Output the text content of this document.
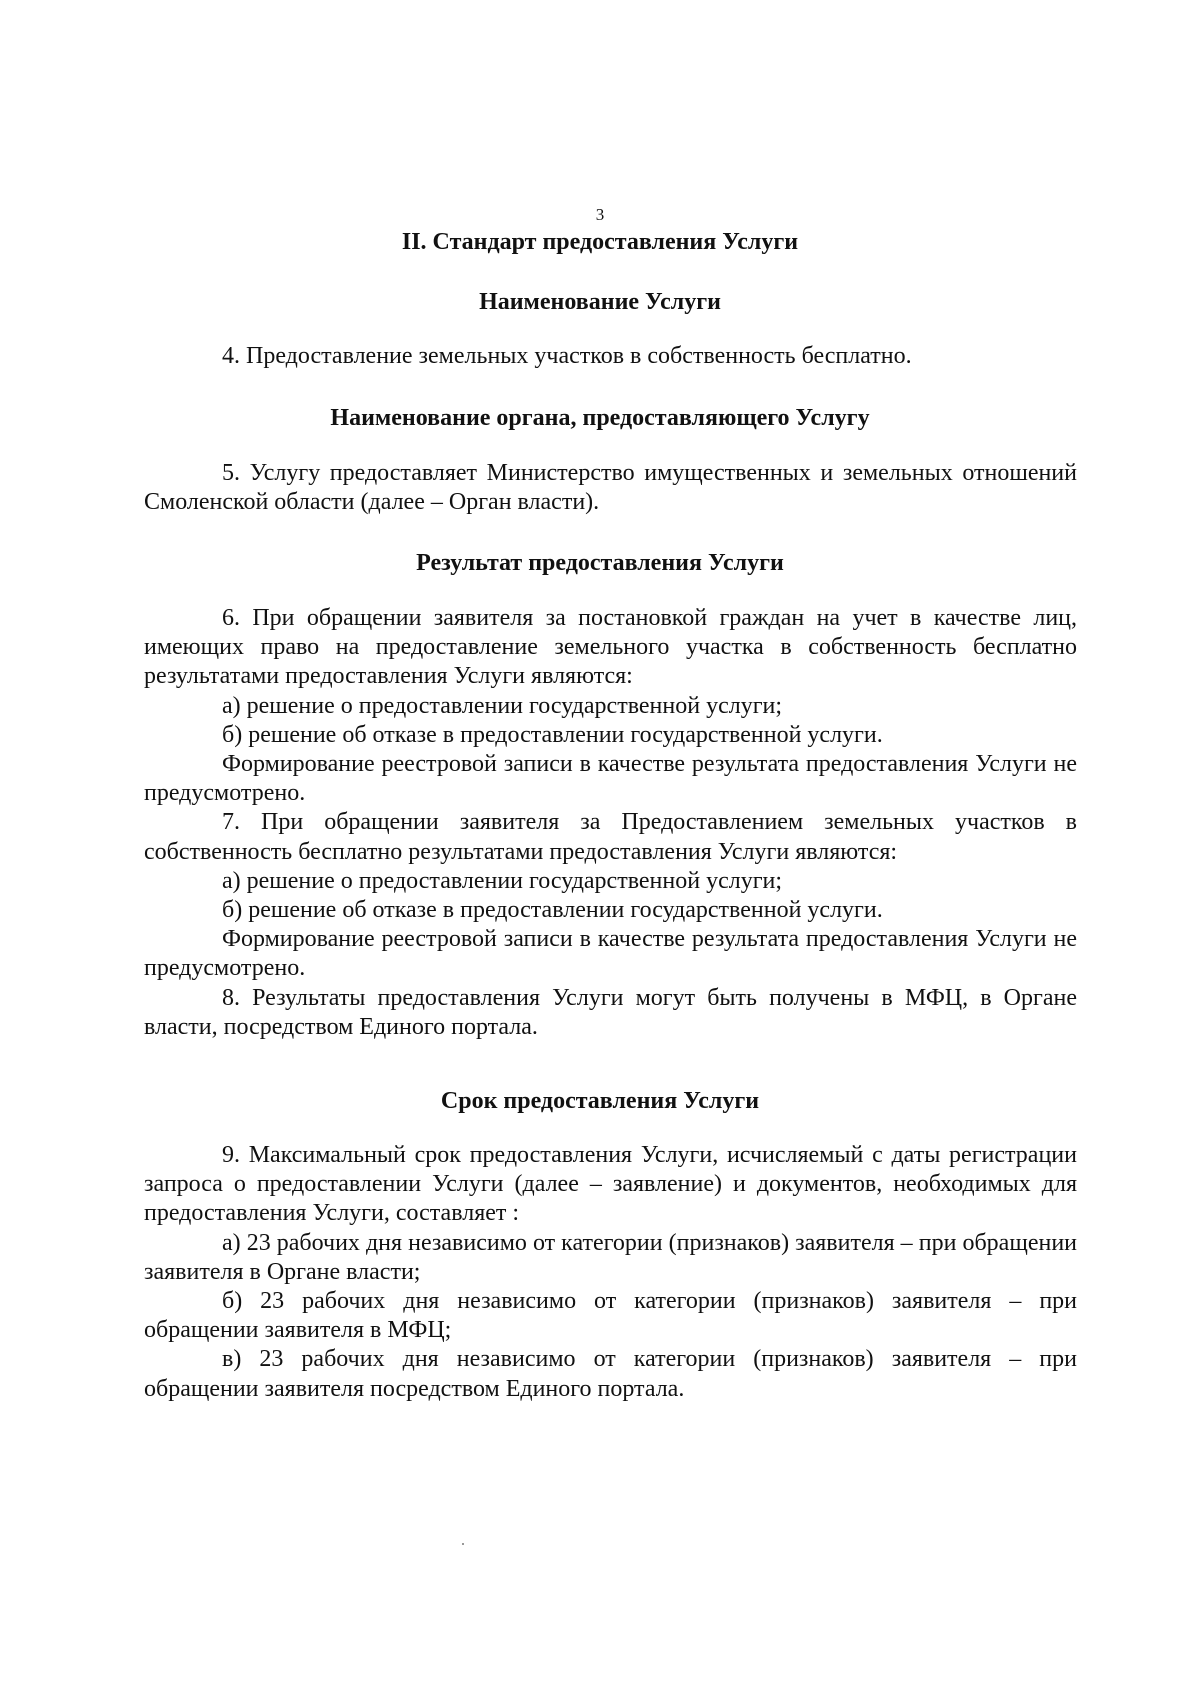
3
II. Стандарт предоставления Услуги
Наименование Услуги

4. Предоставление земельных участков в собственность бесплатно.

Наименование органа, предоставляющего Услугу

5. Услугу предоставляет Министерство имущественных и земельных отношений Смоленской области (далее – Орган власти).

Результат предоставления Услуги

6. При обращении заявителя за постановкой граждан на учет в качестве лиц, имеющих право на предоставление земельного участка в собственность бесплатно результатами предоставления Услуги являются:

а) решение о предоставлении государственной услуги;

б) решение об отказе в предоставлении государственной услуги.

Формирование реестровой записи в качестве результата предоставления Услуги не предусмотрено.

7. При обращении заявителя за Предоставлением земельных участков в собственность бесплатно результатами предоставления Услуги являются:

а) решение о предоставлении государственной услуги;

б) решение об отказе в предоставлении государственной услуги.

Формирование реестровой записи в качестве результата предоставления Услуги не предусмотрено.

8. Результаты предоставления Услуги могут быть получены в МФЦ, в Органе власти, посредством Единого портала.

Срок предоставления Услуги

9. Максимальный срок предоставления Услуги, исчисляемый с даты регистрации запроса о предоставлении Услуги (далее – заявление) и документов, необходимых для предоставления Услуги, составляет :

а) 23 рабочих дня независимо от категории (признаков) заявителя – при обращении заявителя в Органе власти;

б) 23 рабочих дня независимо от категории (признаков) заявителя – при обращении заявителя в МФЦ;

в) 23 рабочих дня независимо от категории (признаков) заявителя – при обращении заявителя посредством Единого портала.
